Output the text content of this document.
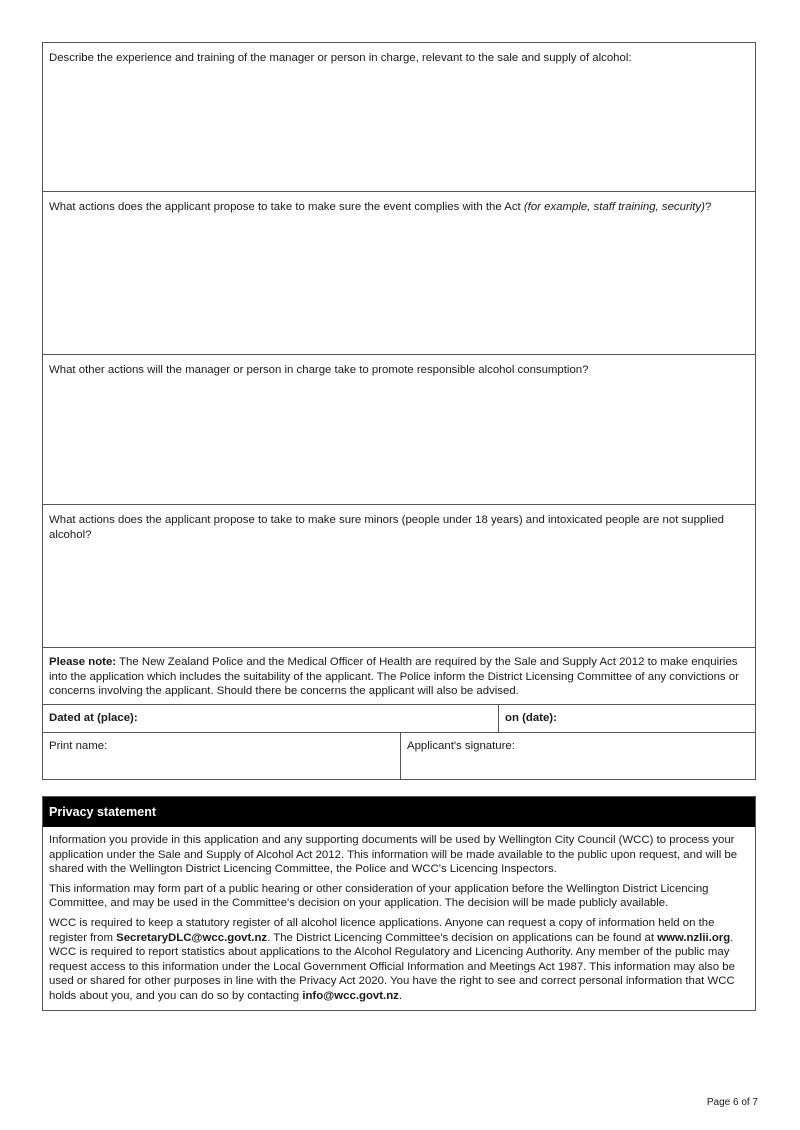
Describe the experience and training of the manager or person in charge, relevant to the sale and supply of alcohol:
What actions does the applicant propose to take to make sure the event complies with the Act (for example, staff training, security)?
What other actions will the manager or person in charge take to promote responsible alcohol consumption?
What actions does the applicant propose to take to make sure minors (people under 18 years) and intoxicated people are not supplied alcohol?
Please note: The New Zealand Police and the Medical Officer of Health are required by the Sale and Supply Act 2012 to make enquiries into the application which includes the suitability of the applicant. The Police inform the District Licensing Committee of any convictions or concerns involving the applicant. Should there be concerns the applicant will also be advised.
Dated at (place):	on (date):
Print name:	Applicant's signature:
Privacy statement

Information you provide in this application and any supporting documents will be used by Wellington City Council (WCC) to process your application under the Sale and Supply of Alcohol Act 2012. This information will be made available to the public upon request, and will be shared with the Wellington District Licencing Committee, the Police and WCC's Licencing Inspectors.

This information may form part of a public hearing or other consideration of your application before the Wellington District Licencing Committee, and may be used in the Committee's decision on your application. The decision will be made publicly available.

WCC is required to keep a statutory register of all alcohol licence applications. Anyone can request a copy of information held on the register from SecretaryDLC@wcc.govt.nz. The District Licencing Committee's decision on applications can be found at www.nzlii.org. WCC is required to report statistics about applications to the Alcohol Regulatory and Licencing Authority. Any member of the public may request access to this information under the Local Government Official Information and Meetings Act 1987. This information may also be used or shared for other purposes in line with the Privacy Act 2020. You have the right to see and correct personal information that WCC holds about you, and you can do so by contacting info@wcc.govt.nz.

Page 6 of 7
